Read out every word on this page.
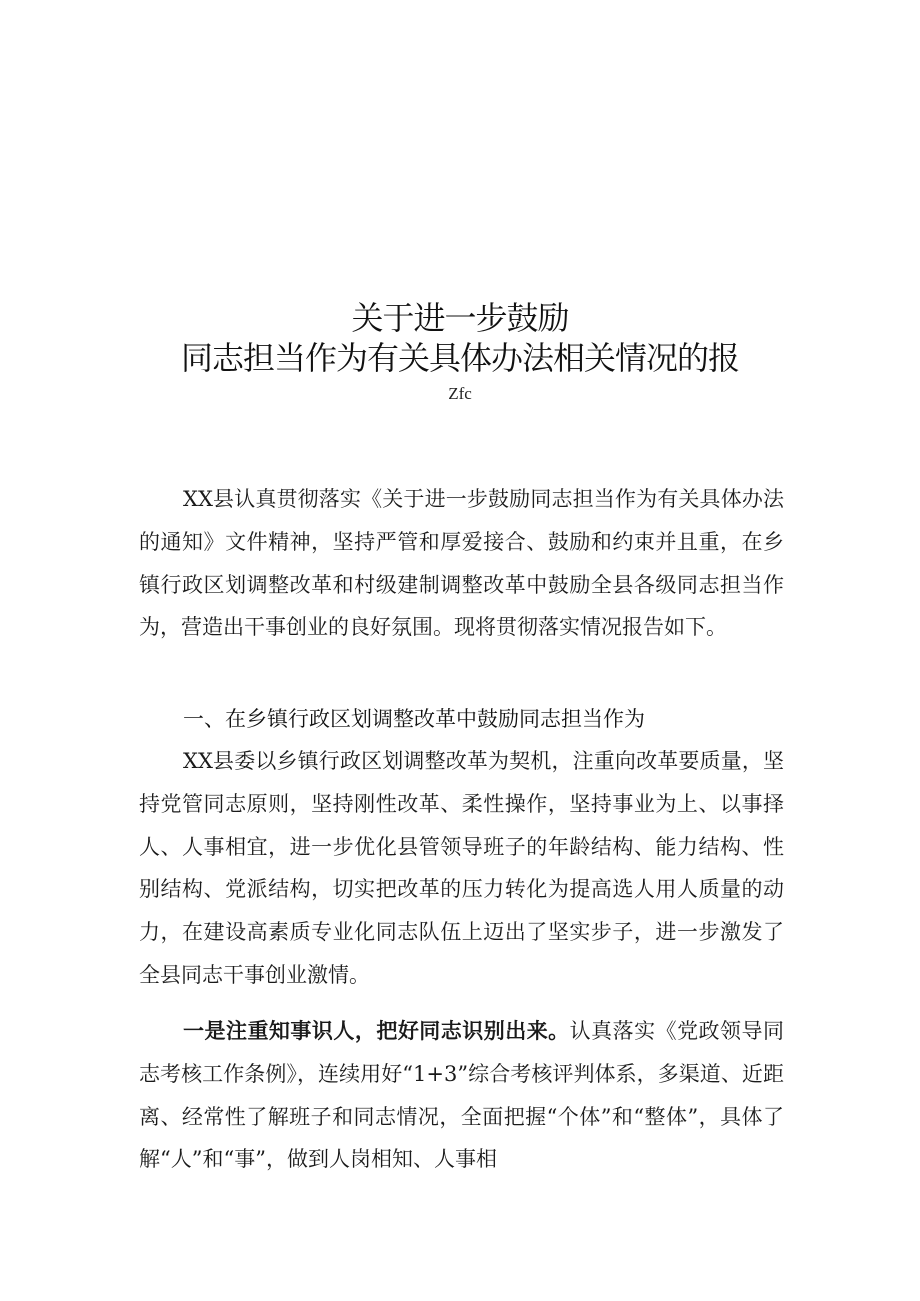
关于进一步鼓励
同志担当作为有关具体办法相关情况的报
Zfc
XX县认真贯彻落实《关于进一步鼓励同志担当作为有关具体办法的通知》文件精神，坚持严管和厚爱接合、鼓励和约束并且重，在乡镇行政区划调整改革和村级建制调整改革中鼓励全县各级同志担当作为，营造出干事创业的良好氛围。现将贯彻落实情况报告如下。
一、在乡镇行政区划调整改革中鼓励同志担当作为
XX县委以乡镇行政区划调整改革为契机，注重向改革要质量，坚持党管同志原则，坚持刚性改革、柔性操作，坚持事业为上、以事择人、人事相宜，进一步优化县管领导班子的年龄结构、能力结构、性别结构、党派结构，切实把改革的压力转化为提高选人用人质量的动力，在建设高素质专业化同志队伍上迈出了坚实步子，进一步激发了全县同志干事创业激情。
一是注重知事识人，把好同志识别出来。认真落实《党政领导同志考核工作条例》，连续用好“1+3”综合考核评判体系，多渠道、近距离、经常性了解班子和同志情况，全面把握“个体”和“整体”，具体了解“人”和“事”，做到人岗相知、人事相
